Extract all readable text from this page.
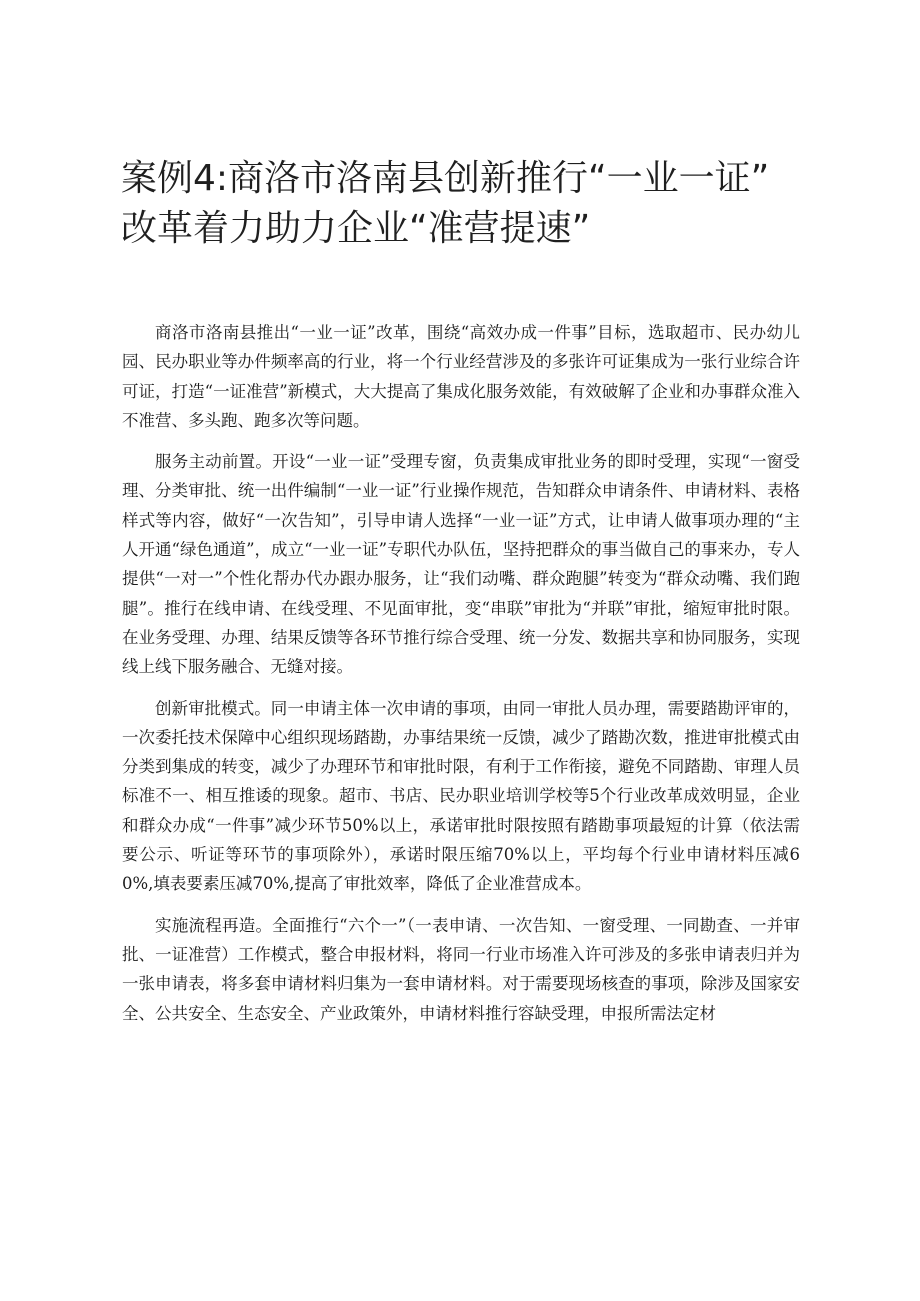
案例4:商洛市洛南县创新推行“一业一证”
改革着力助力企业“准营提速”

商洛市洛南县推出“一业一证”改革，围绕“高效办成一件事”目标，选取超市、民办幼儿园、民办职业等办件频率高的行业，将一个行业经营涉及的多张许可证集成为一张行业综合许可证，打造“一证准营”新模式，大大提高了集成化服务效能，有效破解了企业和办事群众准入不准营、多头跑、跑多次等问题。

服务主动前置。开设“一业一证”受理专窗，负责集成审批业务的即时受理，实现“一窗受理、分类审批、统一出件编制“一业一证”行业操作规范，告知群众申请条件、申请材料、表格样式等内容，做好“一次告知”，引导申请人选择“一业一证”方式，让申请人做事项办理的“主人开通“绿色通道”，成立“一业一证”专职代办队伍，坚持把群众的事当做自己的事来办，专人提供“一对一”个性化帮办代办跟办服务，让“我们动嘴、群众跑腿”转变为“群众动嘴、我们跑腿”。推行在线申请、在线受理、不见面审批，变“串联”审批为“并联”审批，缩短审批时限。在业务受理、办理、结果反馈等各环节推行综合受理、统一分发、数据共享和协同服务，实现线上线下服务融合、无缝对接。

创新审批模式。同一申请主体一次申请的事项，由同一审批人员办理，需要踏勘评审的，一次委托技术保障中心组织现场踏勘，办事结果统一反馈，减少了踏勘次数，推进审批模式由分类到集成的转变，减少了办理环节和审批时限，有利于工作衔接，避免不同踏勘、审理人员标准不一、相互推诿的现象。超市、书店、民办职业培训学校等5个行业改革成效明显，企业和群众办成“一件事”减少环节50%以上，承诺审批时限按照有踏勘事项最短的计算（依法需要公示、听证等环节的事项除外），承诺时限压缩70%以上，平均每个行业申请材料压减60%,填表要素压减70%,提高了审批效率，降低了企业准营成本。

实施流程再造。全面推行“六个一”（一表申请、一次告知、一窗受理、一同勘查、一并审批、一证准营）工作模式，整合申报材料，将同一行业市场准入许可涉及的多张申请表归并为一张申请表，将多套申请材料归集为一套申请材料。对于需要现场核查的事项，除涉及国家安全、公共安全、生态安全、产业政策外，申请材料推行容缺受理，申报所需法定材
